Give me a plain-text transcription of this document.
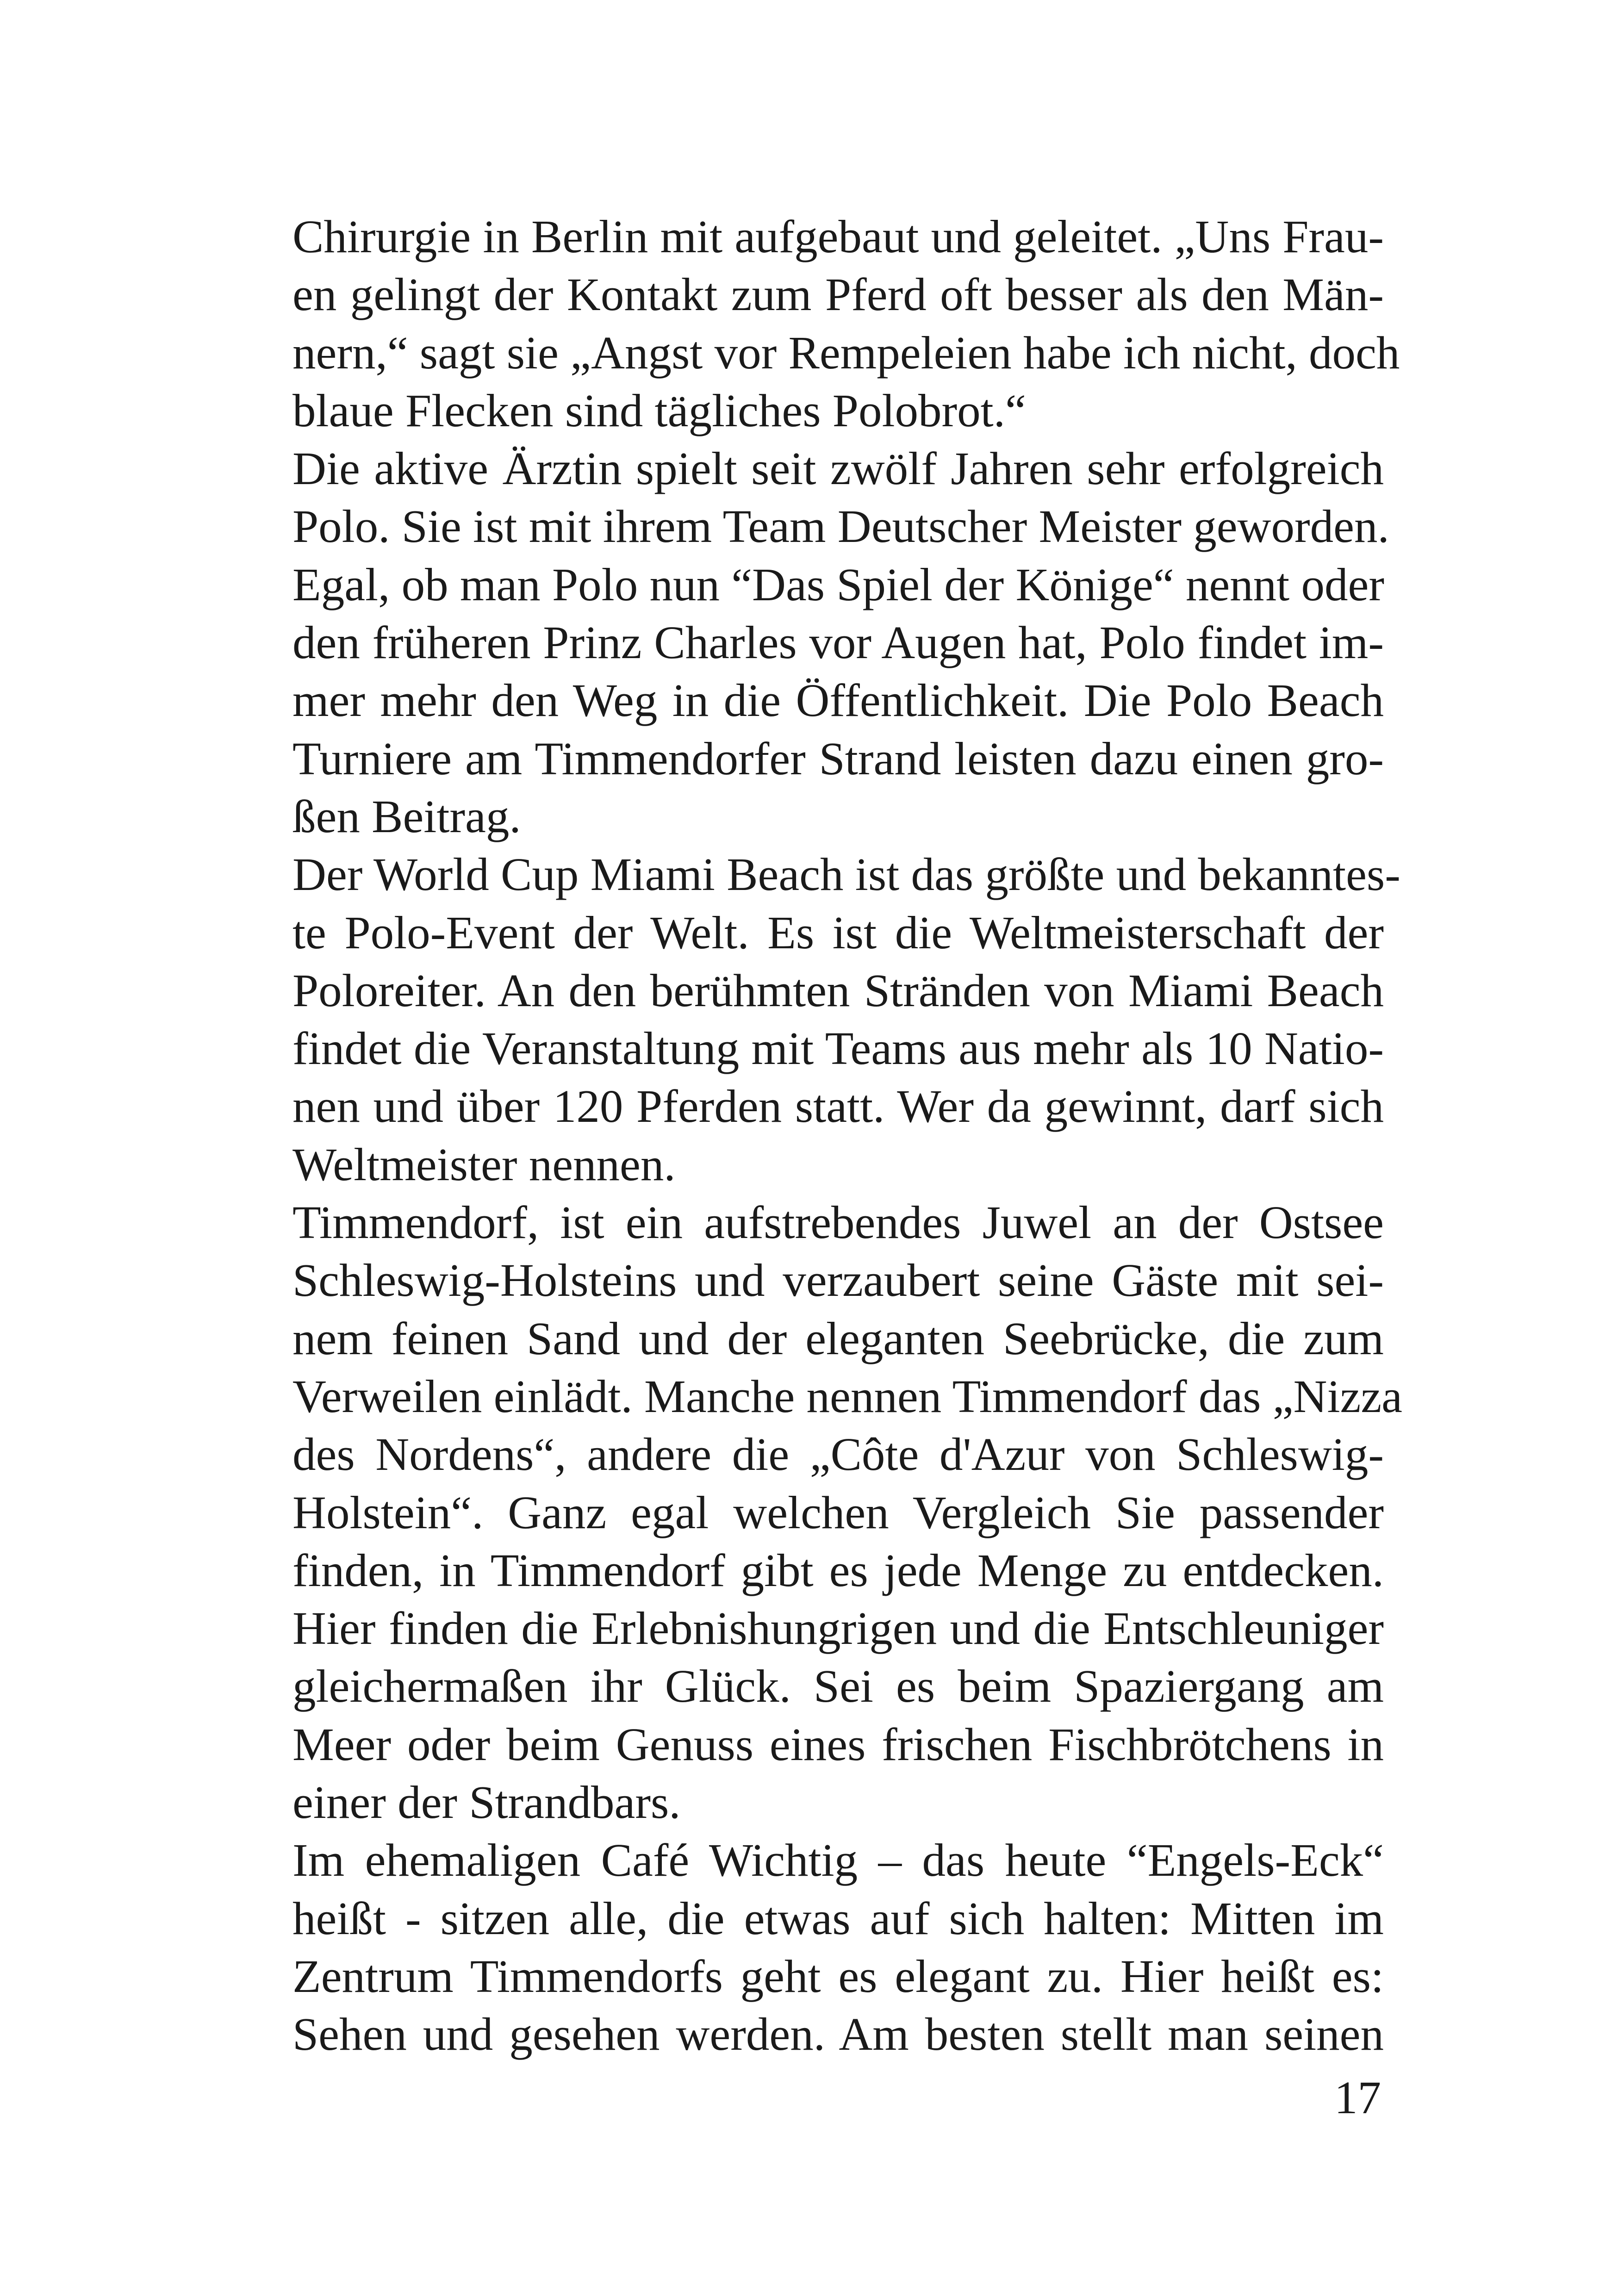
Chirurgie in Berlin mit aufgebaut und geleitet. „Uns Frau-
en gelingt der Kontakt zum Pferd oft besser als den Män-
nern,“ sagt sie „Angst vor Rempeleien habe ich nicht, doch
blaue Flecken sind tägliches Polobrot.“
Die aktive Ärztin spielt seit zwölf Jahren sehr erfolgreich
Polo. Sie ist mit ihrem Team Deutscher Meister geworden.
Egal, ob man Polo nun “Das Spiel der Könige“ nennt oder
den früheren Prinz Charles vor Augen hat, Polo findet im-
mer mehr den Weg in die Öffentlichkeit. Die Polo Beach
Turniere am Timmendorfer Strand leisten dazu einen gro-
ßen Beitrag.
Der World Cup Miami Beach ist das größte und bekanntes-
te Polo-Event der Welt. Es ist die Weltmeisterschaft der
Poloreiter. An den berühmten Stränden von Miami Beach
findet die Veranstaltung mit Teams aus mehr als 10 Natio-
nen und über 120 Pferden statt. Wer da gewinnt, darf sich
Weltmeister nennen.
Timmendorf, ist ein aufstrebendes Juwel an der Ostsee
Schleswig-Holsteins und verzaubert seine Gäste mit sei-
nem feinen Sand und der eleganten Seebrücke, die zum
Verweilen einlädt. Manche nennen Timmendorf das „Nizza
des Nordens“, andere die „Côte d'Azur von Schleswig-
Holstein“. Ganz egal welchen Vergleich Sie passender
finden, in Timmendorf gibt es jede Menge zu entdecken.
Hier finden die Erlebnishungrigen und die Entschleuniger
gleichermaßen ihr Glück. Sei es beim Spaziergang am
Meer oder beim Genuss eines frischen Fischbrötchens in
einer der Strandbars.
Im ehemaligen Café Wichtig – das heute “Engels-Eck“
heißt - sitzen alle, die etwas auf sich halten: Mitten im
Zentrum Timmendorfs geht es elegant zu. Hier heißt es:
Sehen und gesehen werden. Am besten stellt man seinen
17
